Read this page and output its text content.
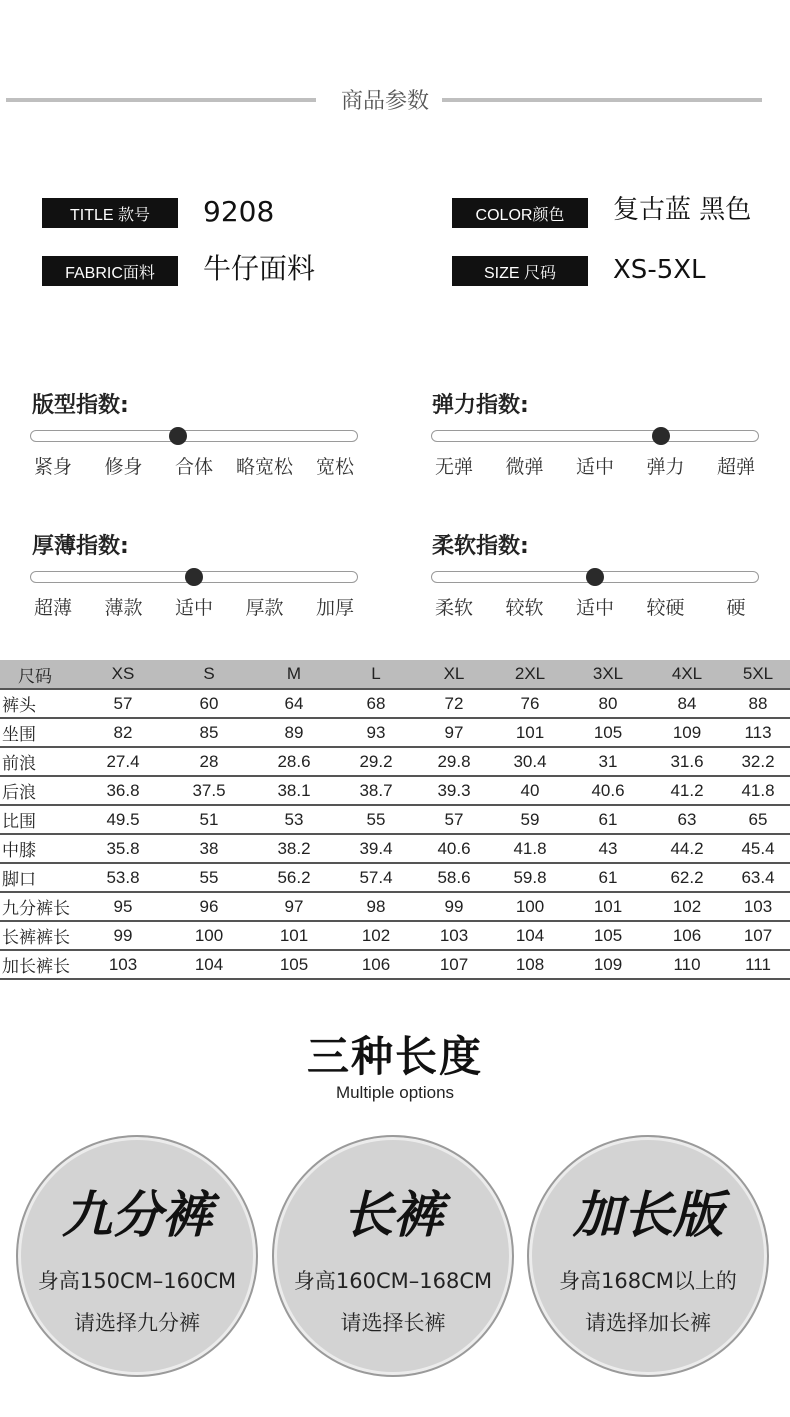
商品参数
TITLE 款号	9208	COLOR颜色	复古蓝 黑色
FABRIC面料	牛仔面料	SIZE 尺码	XS-5XL
版型指数:
紧身	修身	合体	略宽松	宽松
弹力指数:
无弹	微弹	适中	弹力	超弹
厚薄指数:
超薄	薄款	适中	厚款	加厚
柔软指数:
柔软	较软	适中	较硬	硬
尺码	XS	S	M	L	XL	2XL	3XL	4XL	5XL
裤头	57	60	64	68	72	76	80	84	88
坐围	82	85	89	93	97	101	105	109	113
前浪	27.4	28	28.6	29.2	29.8	30.4	31	31.6	32.2
后浪	36.8	37.5	38.1	38.7	39.3	40	40.6	41.2	41.8
比围	49.5	51	53	55	57	59	61	63	65
中膝	35.8	38	38.2	39.4	40.6	41.8	43	44.2	45.4
脚口	53.8	55	56.2	57.4	58.6	59.8	61	62.2	63.4
九分裤长	95	96	97	98	99	100	101	102	103
长裤裤长	99	100	101	102	103	104	105	106	107
加长裤长	103	104	105	106	107	108	109	110	111
三种长度
Multiple options
九分裤
身高150CM–160CM
请选择九分裤
长裤
身高160CM–168CM
请选择长裤
加长版
身高168CM以上的
请选择加长裤
